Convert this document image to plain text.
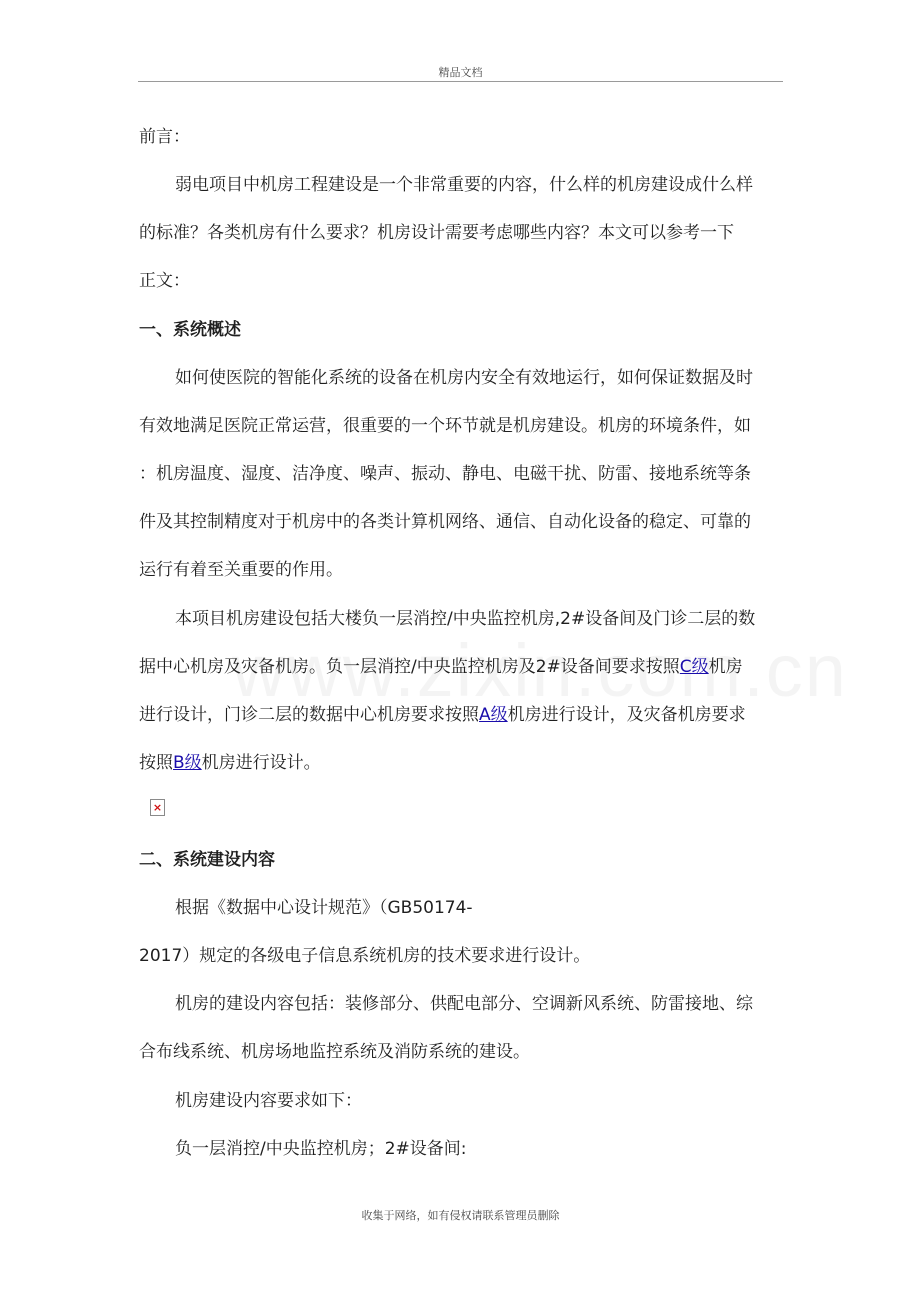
精品文档

前言：

弱电项目中机房工程建设是一个非常重要的内容，什么样的机房建设成什么样

的标准？各类机房有什么要求？机房设计需要考虑哪些内容？本文可以参考一下

正文：

一、系统概述

如何使医院的智能化系统的设备在机房内安全有效地运行，如何保证数据及时

有效地满足医院正常运营，很重要的一个环节就是机房建设。机房的环境条件，如

：机房温度、湿度、洁净度、噪声、振动、静电、电磁干扰、防雷、接地系统等条

件及其控制精度对于机房中的各类计算机网络、通信、自动化设备的稳定、可靠的

运行有着至关重要的作用。

本项目机房建设包括大楼负一层消控/中央监控机房,2#设备间及门诊二层的数

据中心机房及灾备机房。负一层消控/中央监控机房及2#设备间要求按照C级机房

进行设计，门诊二层的数据中心机房要求按照A级机房进行设计，及灾备机房要求

按照B级机房进行设计。

×

二、系统建设内容

根据《数据中心设计规范》（GB50174-

2017）规定的各级电子信息系统机房的技术要求进行设计。

机房的建设内容包括：装修部分、供配电部分、空调新风系统、防雷接地、综

合布线系统、机房场地监控系统及消防系统的建设。

机房建设内容要求如下：

负一层消控/中央监控机房；2#设备间:

收集于网络，如有侵权请联系管理员删除
